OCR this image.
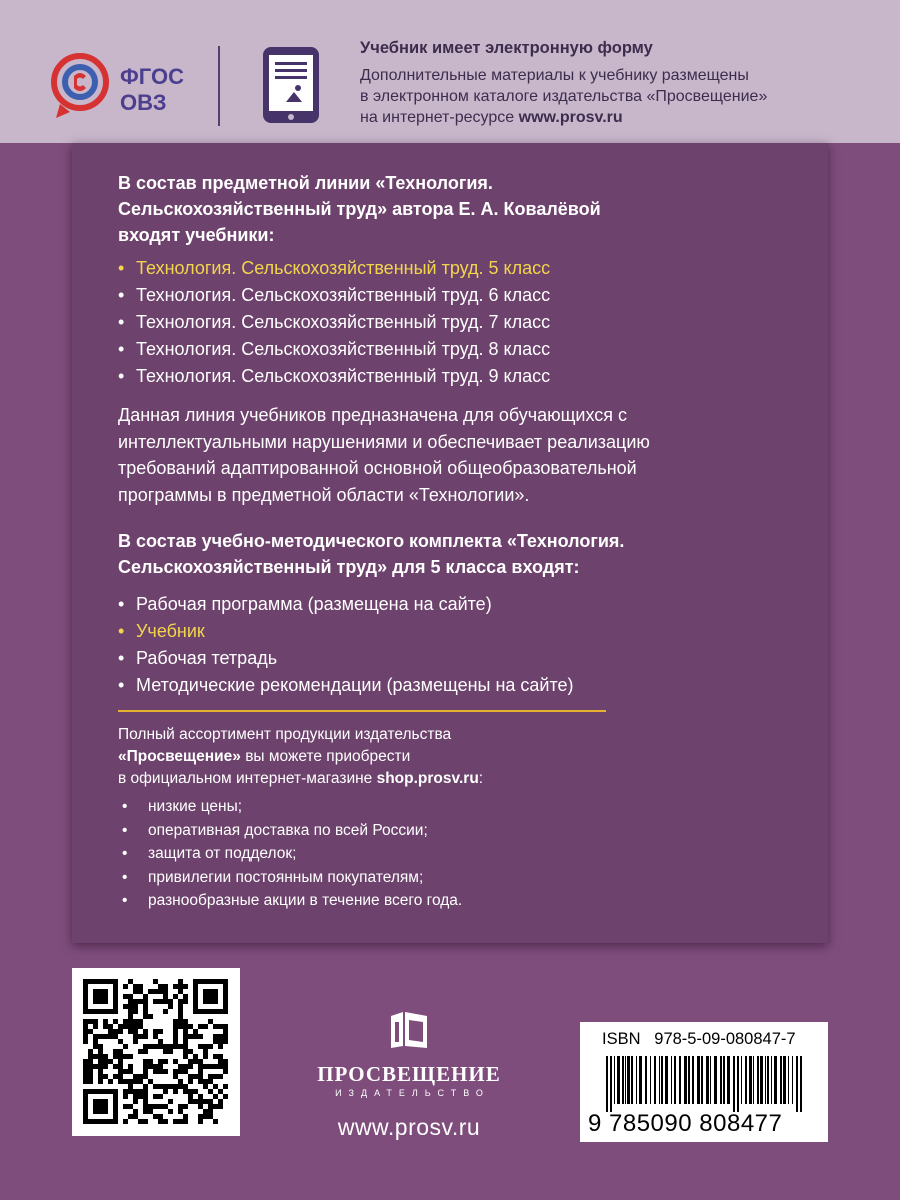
ФГОС
ОВЗ
Учебник имеет электронную форму
Дополнительные материалы к учебнику размещены
в электронном каталоге издательства «Просвещение»
на интернет-ресурсе www.prosv.ru
В состав предметной линии «Технология.
Сельскохозяйственный труд» автора Е. А. Ковалёвой
входят учебники:
• Технология. Сельскохозяйственный труд. 5 класс
• Технология. Сельскохозяйственный труд. 6 класс
• Технология. Сельскохозяйственный труд. 7 класс
• Технология. Сельскохозяйственный труд. 8 класс
• Технология. Сельскохозяйственный труд. 9 класс
Данная линия учебников предназначена для обучающихся с
интеллектуальными нарушениями и обеспечивает реализацию
требований адаптированной основной общеобразовательной
программы в предметной области «Технологии».
В состав учебно-методического комплекта «Технология.
Сельскохозяйственный труд» для 5 класса входят:
• Рабочая программа (размещена на сайте)
• Учебник
• Рабочая тетрадь
• Методические рекомендации (размещены на сайте)
Полный ассортимент продукции издательства
«Просвещение» вы можете приобрести
в официальном интернет-магазине shop.prosv.ru:
• низкие цены;
• оперативная доставка по всей России;
• защита от подделок;
• привилегии постоянным покупателям;
• разнообразные акции в течение всего года.
ПРОСВЕЩЕНИЕ
ИЗДАТЕЛЬСТВО
www.prosv.ru
ISBN 978-5-09-080847-7
9 785090 808477
